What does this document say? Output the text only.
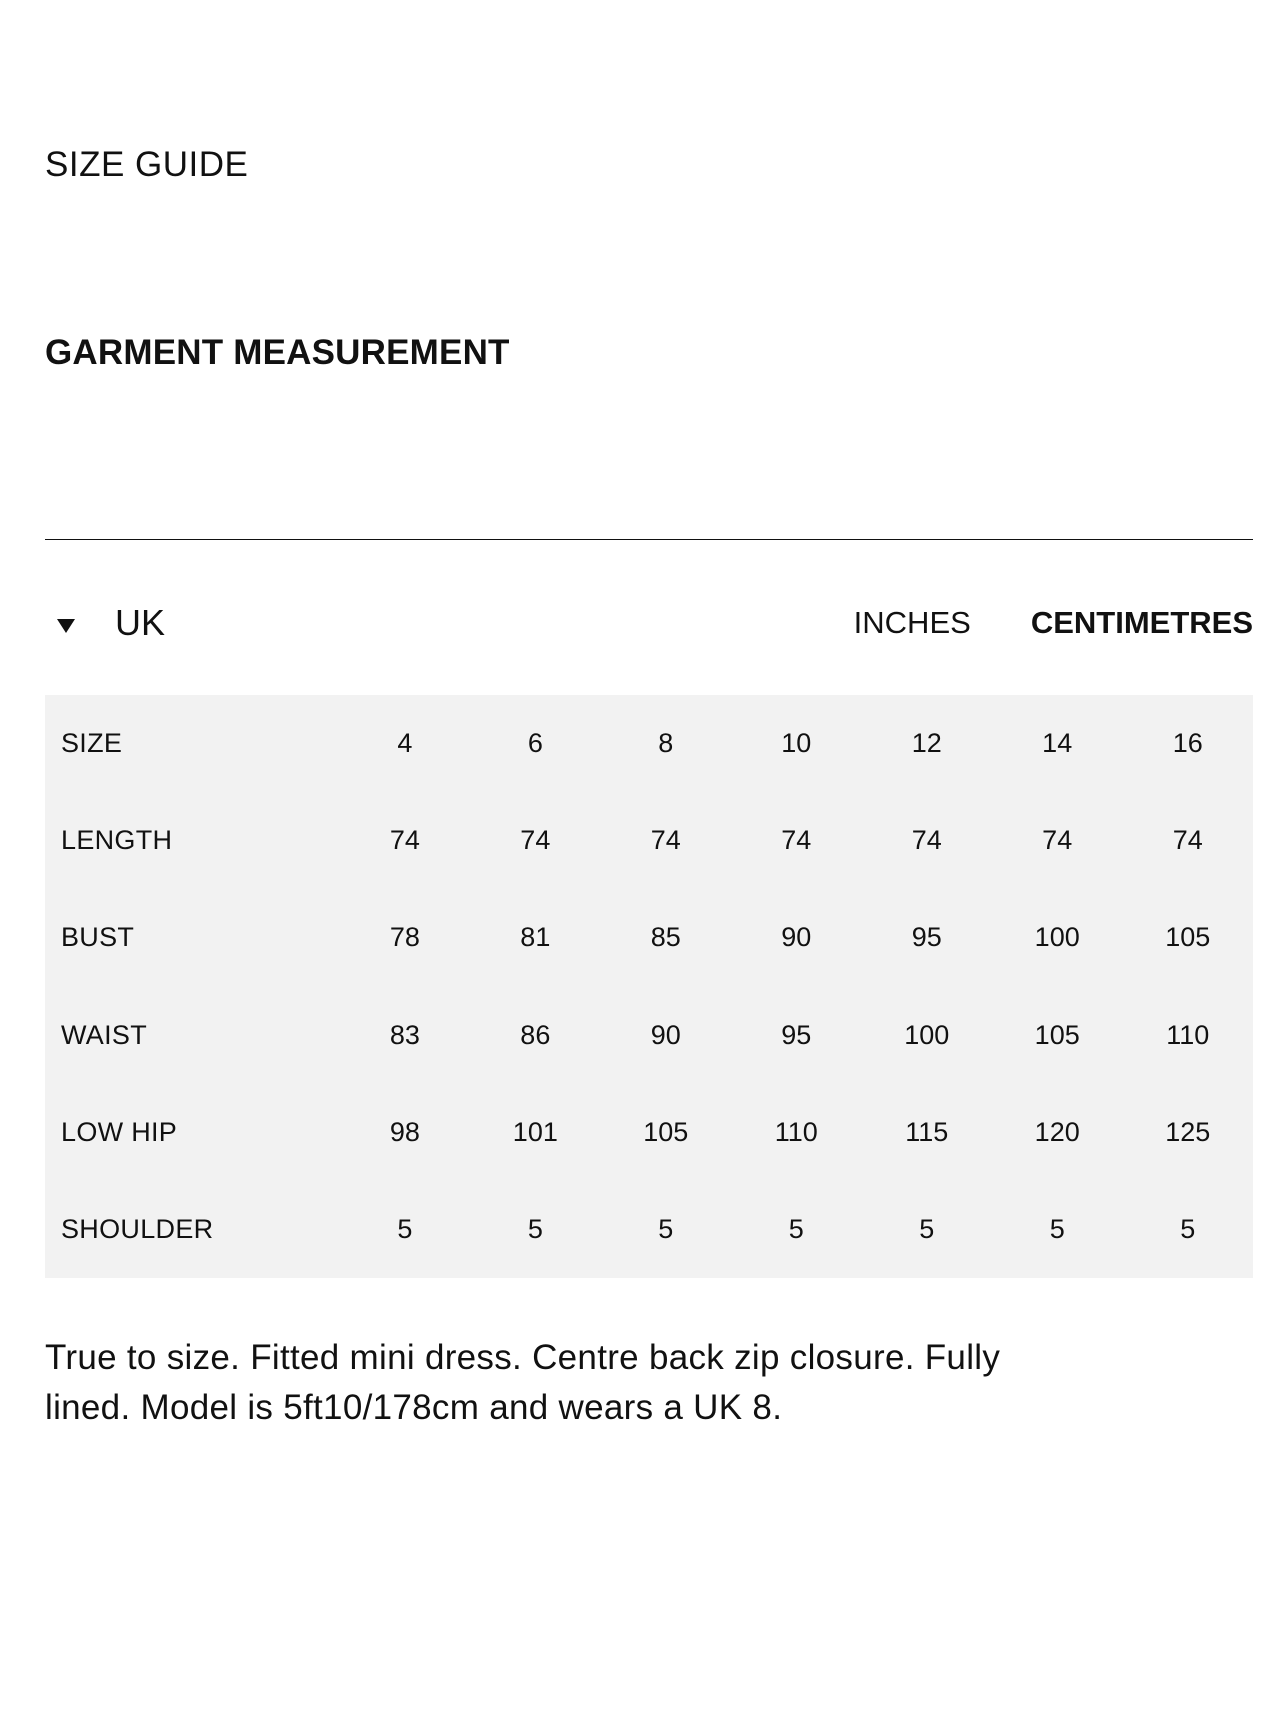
SIZE GUIDE
GARMENT MEASUREMENT
UK	INCHES CENTIMETRES
SIZE	4	6	8	10	12	14	16
LENGTH	74	74	74	74	74	74	74
BUST	78	81	85	90	95	100	105
WAIST	83	86	90	95	100	105	110
LOW HIP	98	101	105	110	115	120	125
SHOULDER	5	5	5	5	5	5	5
True to size. Fitted mini dress. Centre back zip closure. Fully lined. Model is 5ft10/178cm and wears a UK 8.
